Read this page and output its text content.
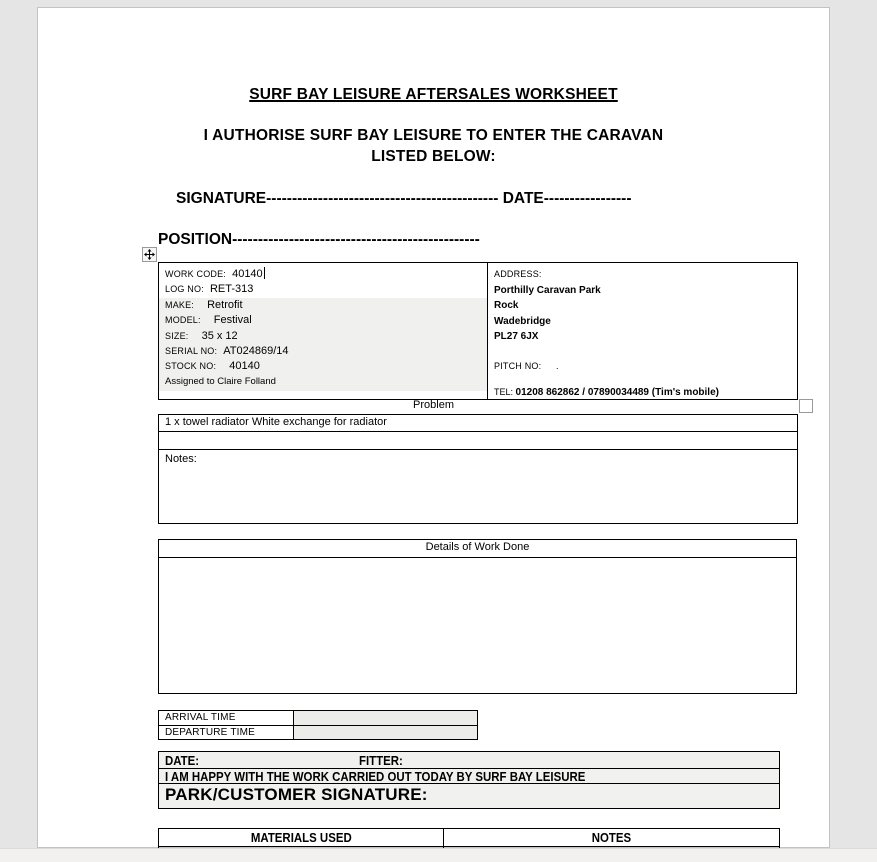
SURF BAY LEISURE AFTERSALES WORKSHEET
I AUTHORISE SURF BAY LEISURE TO ENTER THE CARAVAN
LISTED BELOW:
SIGNATURE--------------------------------------------- DATE-----------------
POSITION------------------------------------------------
WORK CODE: 40140
LOG NO: RET-313
MAKE: Retrofit
MODEL: Festival
SIZE: 35 x 12
SERIAL NO: AT024869/14
STOCK NO: 40140
Assigned to Claire Folland
ADDRESS:
Porthilly Caravan Park
Rock
Wadebridge
PL27 6JX
PITCH NO: .
TEL: 01208 862862 / 07890034489 (Tim's mobile)
Problem
1 x towel radiator White exchange for radiator
Notes:
Details of Work Done
ARRIVAL TIME
DEPARTURE TIME
DATE:	FITTER:
I AM HAPPY WITH THE WORK CARRIED OUT TODAY BY SURF BAY LEISURE
PARK/CUSTOMER SIGNATURE:
MATERIALS USED	NOTES
